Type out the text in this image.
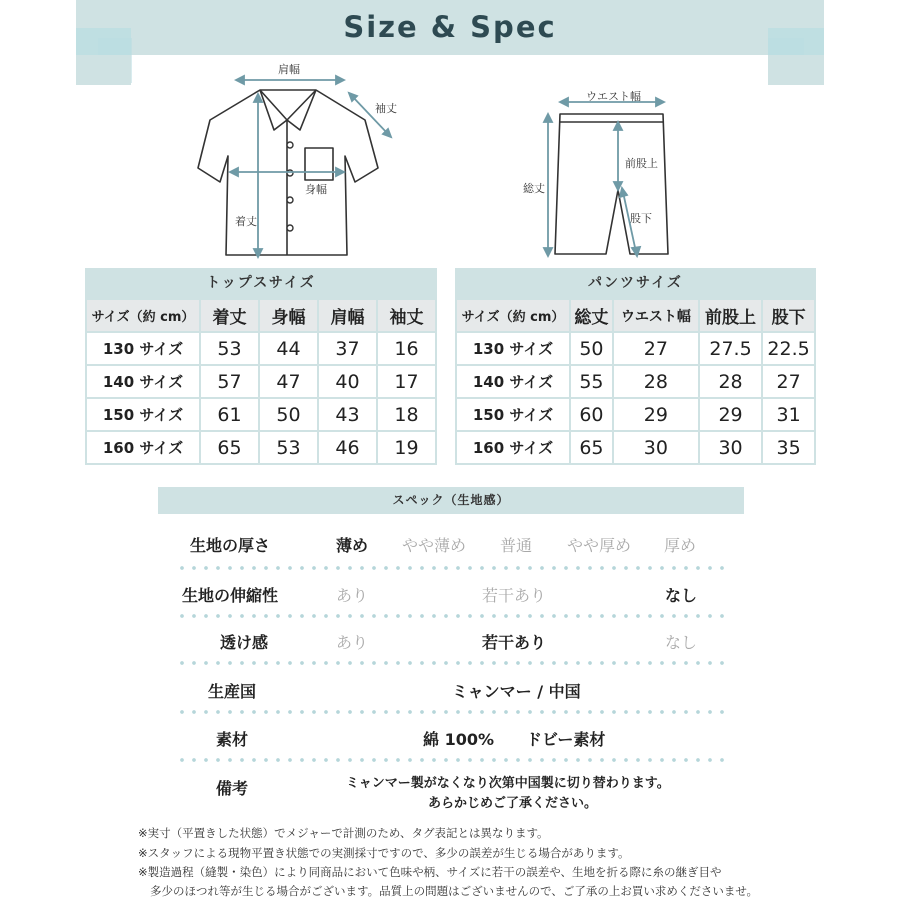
Size & Spec
肩幅
袖丈
身幅
着丈
ウエスト幅
総丈
前股上
股下
トップスサイズ
サイズ（約 cm）	着丈	身幅	肩幅	袖丈
130 サイズ	53	44	37	16
140 サイズ	57	47	40	17
150 サイズ	61	50	43	18
160 サイズ	65	53	46	19
パンツサイズ
サイズ（約 cm）	総丈	ウエスト幅	前股上	股下
130 サイズ	50	27	27.5	22.5
140 サイズ	55	28	28	27
150 サイズ	60	29	29	31
160 サイズ	65	30	30	35
スペック（生地感）
生地の厚さ	薄め やや薄め 普通 やや厚め 厚め
生地の伸縮性	あり	若干あり	なし
透け感	あり	若干あり	なし
生産国	ミャンマー / 中国
素材	綿 100% ドビー素材
備考	ミャンマー製がなくなり次第中国製に切り替わります。
あらかじめご了承ください。
※実寸（平置きした状態）でメジャーで計測のため、タグ表記とは異なります。
※スタッフによる現物平置き状態での実測採寸ですので、多少の誤差が生じる場合があります。
※製造過程（縫製・染色）により同商品において色味や柄、サイズに若干の誤差や、生地を折る際に糸の継ぎ目や
多少のほつれ等が生じる場合がございます。品質上の問題はございませんので、ご了承の上お買い求めくださいませ。
